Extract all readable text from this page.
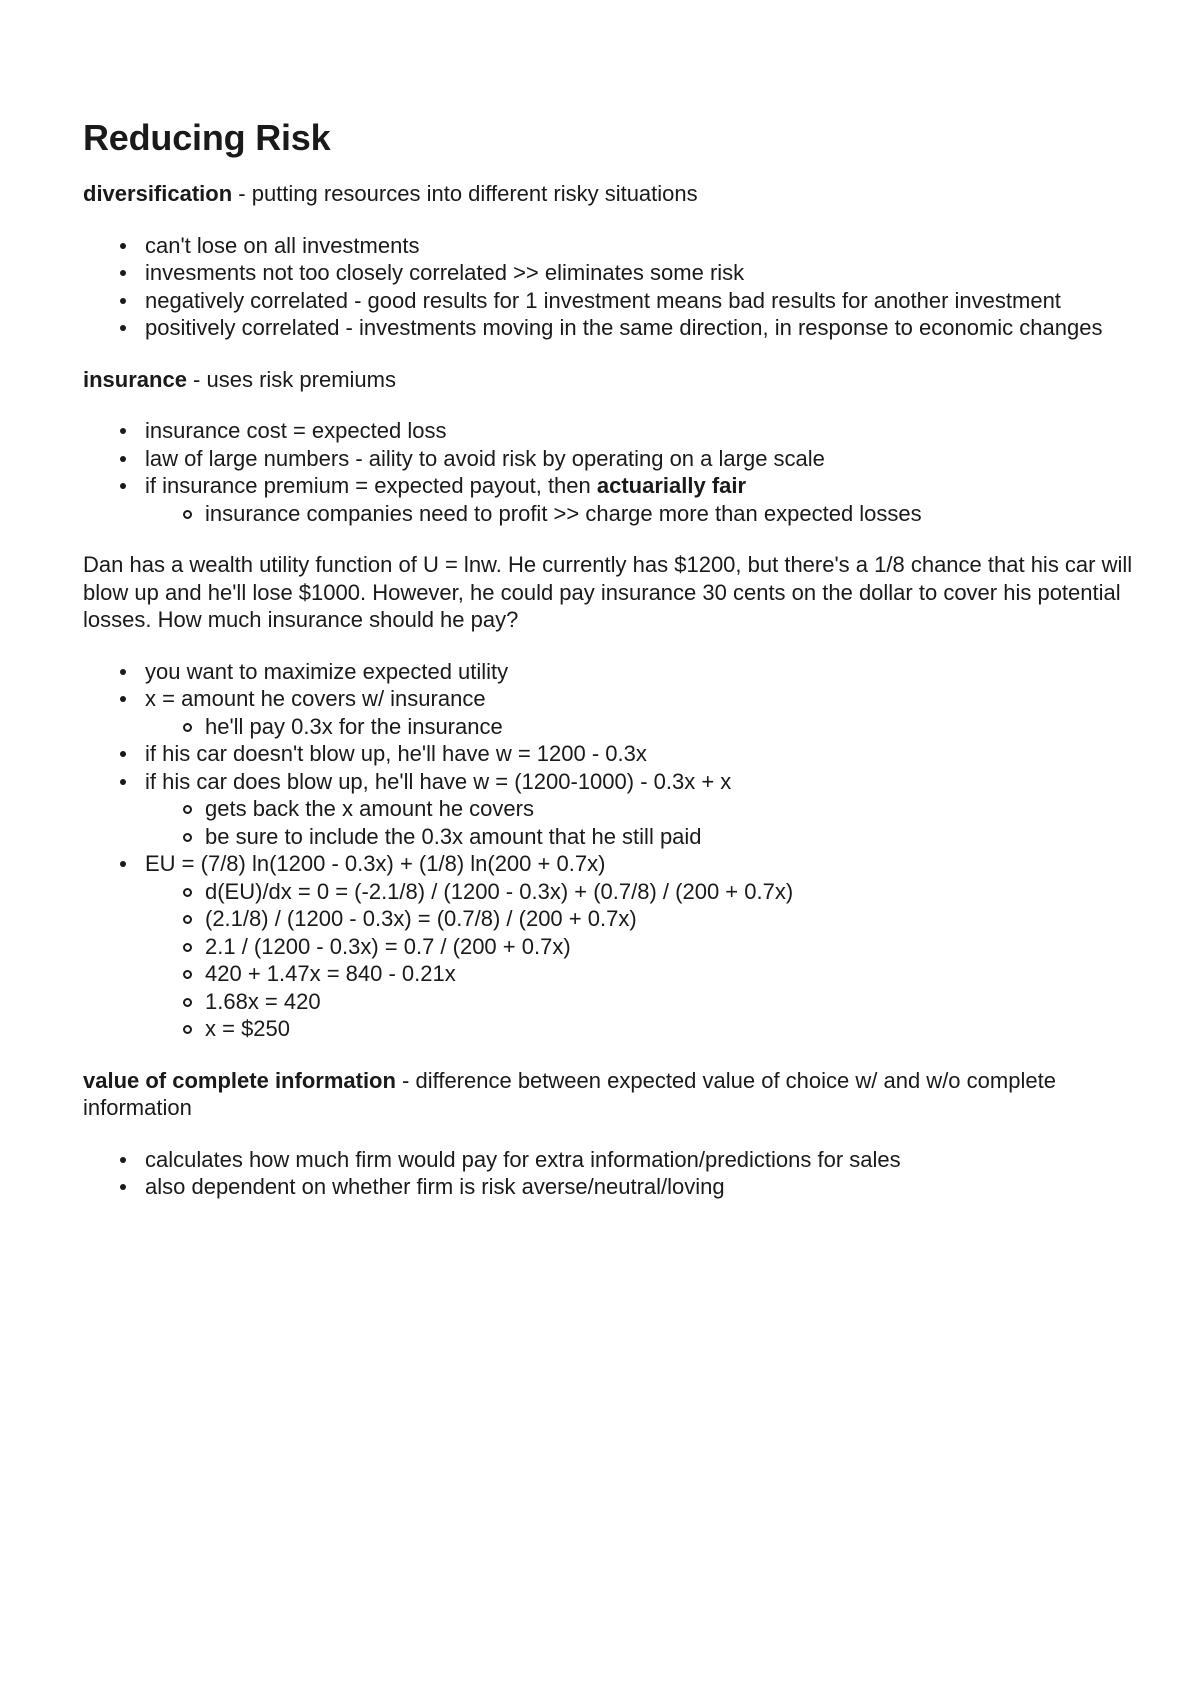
Reducing Risk

diversification - putting resources into different risky situations

can't lose on all investments
invesments not too closely correlated >> eliminates some risk
negatively correlated - good results for 1 investment means bad results for another investment
positively correlated - investments moving in the same direction, in response to economic changes

insurance - uses risk premiums

insurance cost = expected loss
law of large numbers - aility to avoid risk by operating on a large scale
if insurance premium = expected payout, then actuarially fair
insurance companies need to profit >> charge more than expected losses

Dan has a wealth utility function of U = lnw. He currently has $1200, but there's a 1/8 chance that his car will blow up and he'll lose $1000. However, he could pay insurance 30 cents on the dollar to cover his potential losses. How much insurance should he pay?

you want to maximize expected utility
x = amount he covers w/ insurance
he'll pay 0.3x for the insurance
if his car doesn't blow up, he'll have w = 1200 - 0.3x
if his car does blow up, he'll have w = (1200-1000) - 0.3x + x
gets back the x amount he covers
be sure to include the 0.3x amount that he still paid
EU = (7/8) ln(1200 - 0.3x) + (1/8) ln(200 + 0.7x)
d(EU)/dx = 0 = (-2.1/8) / (1200 - 0.3x) + (0.7/8) / (200 + 0.7x)
(2.1/8) / (1200 - 0.3x) = (0.7/8) / (200 + 0.7x)
2.1 / (1200 - 0.3x) = 0.7 / (200 + 0.7x)
420 + 1.47x = 840 - 0.21x
1.68x = 420
x = $250

value of complete information - difference between expected value of choice w/ and w/o complete information

calculates how much firm would pay for extra information/predictions for sales
also dependent on whether firm is risk averse/neutral/loving
